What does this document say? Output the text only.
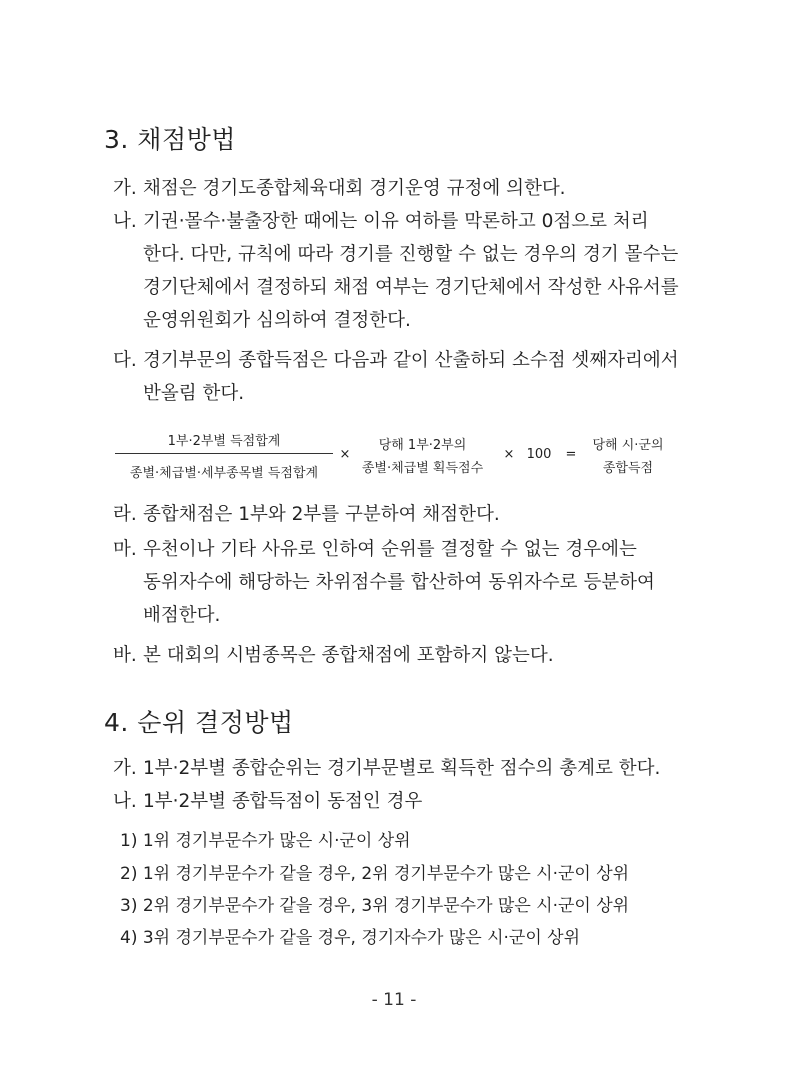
3. 채점방법
가. 채점은 경기도종합체육대회 경기운영 규정에 의한다.
나. 기권·몰수·불출장한 때에는 이유 여하를 막론하고 0점으로 처리
한다. 다만, 규칙에 따라 경기를 진행할 수 없는 경우의 경기 몰수는
경기단체에서 결정하되 채점 여부는 경기단체에서 작성한 사유서를
운영위원회가 심의하여 결정한다.
다. 경기부문의 종합득점은 다음과 같이 산출하되 소수점 셋째자리에서
반올림 한다.
1부·2부별 득점합계
종별·체급별·세부종목별 득점합계
×
당해 1부·2부의
종별·체급별 획득점수
× 100	=
당해 시·군의
종합득점
라. 종합채점은 1부와 2부를 구분하여 채점한다.
마. 우천이나 기타 사유로 인하여 순위를 결정할 수 없는 경우에는
동위자수에 해당하는 차위점수를 합산하여 동위자수로 등분하여
배점한다.
바. 본 대회의 시범종목은 종합채점에 포함하지 않는다.
4. 순위 결정방법
가. 1부·2부별 종합순위는 경기부문별로 획득한 점수의 총계로 한다.
나. 1부·2부별 종합득점이 동점인 경우
1) 1위 경기부문수가 많은 시·군이 상위
2) 1위 경기부문수가 같을 경우, 2위 경기부문수가 많은 시·군이 상위
3) 2위 경기부문수가 같을 경우, 3위 경기부문수가 많은 시·군이 상위
4) 3위 경기부문수가 같을 경우, 경기자수가 많은 시·군이 상위
- 11 -
